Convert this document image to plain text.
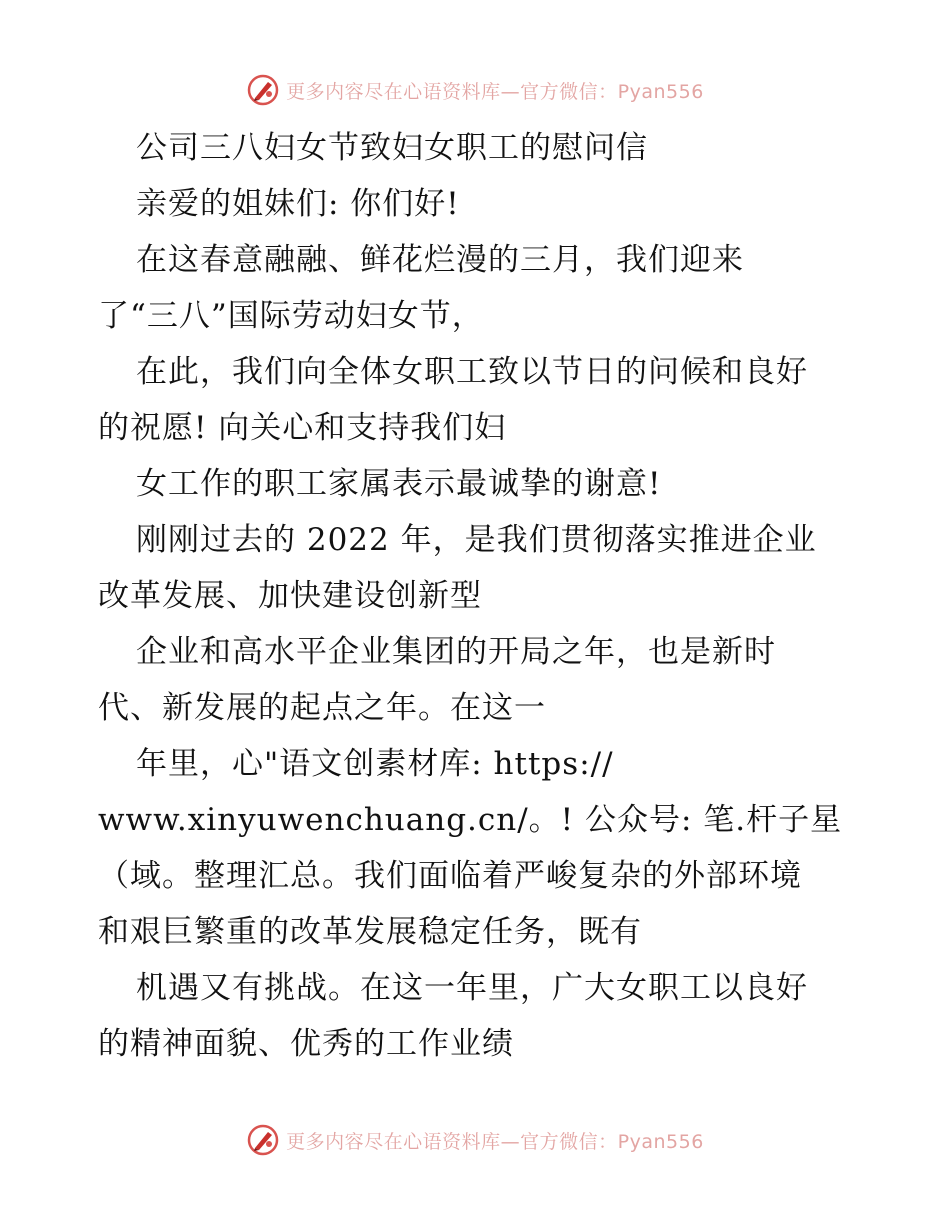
更多内容尽在心语资料库—官方微信：Pyan556
公司三八妇女节致妇女职工的慰问信
亲爱的姐妹们: 你们好!
在这春意融融、鲜花烂漫的三月，我们迎来
了“三八”国际劳动妇女节，
在此，我们向全体女职工致以节日的问候和良好
的祝愿! 向关心和支持我们妇
女工作的职工家属表示最诚挚的谢意!
刚刚过去的 2022 年，是我们贯彻落实推进企业
改革发展、加快建设创新型
企业和高水平企业集团的开局之年，也是新时
代、新发展的起点之年。在这一
年里，心"语文创素材库: https://
www.xinyuwenchuang.cn/。! 公众号: 笔.杆子星
（域。整理汇总。我们面临着严峻复杂的外部环境
和艰巨繁重的改革发展稳定任务，既有
机遇又有挑战。在这一年里，广大女职工以良好
的精神面貌、优秀的工作业绩
更多内容尽在心语资料库—官方微信：Pyan556
